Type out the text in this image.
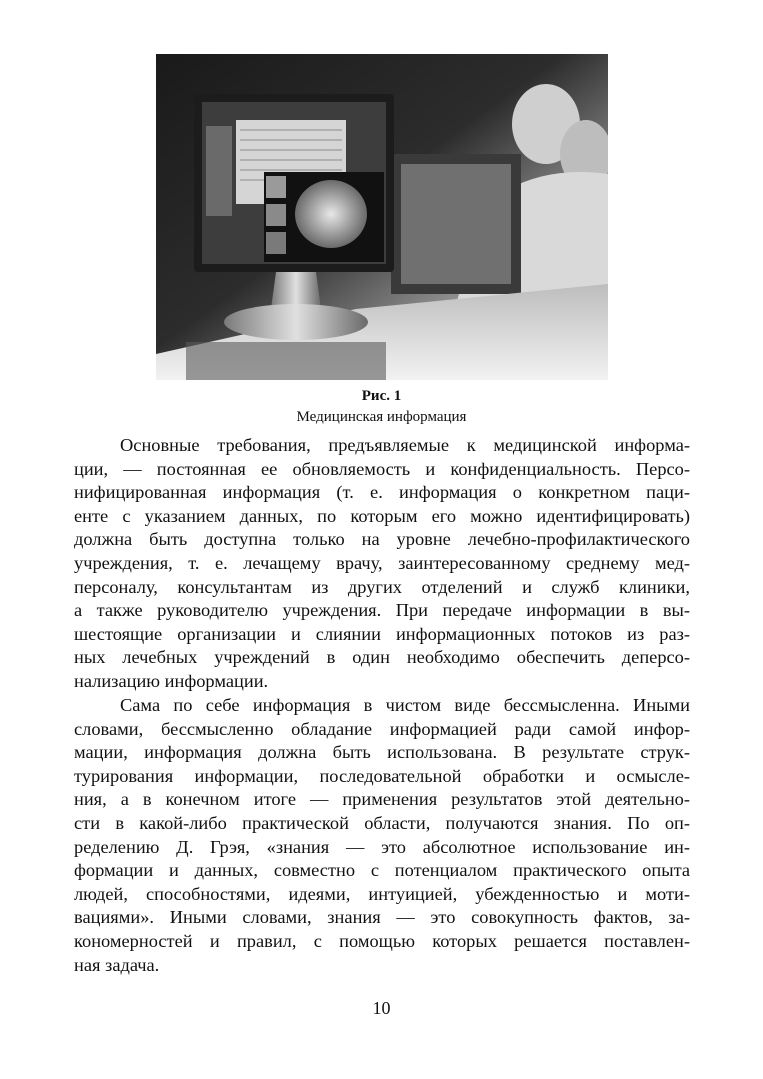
Рис. 1
Медицинская информация
Основные требования, предъявляемые к медицинской информа-
ции, — постоянная ее обновляемость и конфиденциальность. Персо-
нифицированная информация (т. е. информация о конкретном паци-
енте с указанием данных, по которым его можно идентифицировать)
должна быть доступна только на уровне лечебно-профилактического
учреждения, т. е. лечащему врачу, заинтересованному среднему мед-
персоналу, консультантам из других отделений и служб клиники,
а также руководителю учреждения. При передаче информации в вы-
шестоящие организации и слиянии информационных потоков из раз-
ных лечебных учреждений в один необходимо обеспечить деперсо-
нализацию информации.
Сама по себе информация в чистом виде бессмысленна. Иными
словами, бессмысленно обладание информацией ради самой инфор-
мации, информация должна быть использована. В результате струк-
турирования информации, последовательной обработки и осмысле-
ния, а в конечном итоге — применения результатов этой деятельно-
сти в какой-либо практической области, получаются знания. По оп-
ределению Д. Грэя, «знания — это абсолютное использование ин-
формации и данных, совместно с потенциалом практического опыта
людей, способностями, идеями, интуицией, убежденностью и моти-
вациями». Иными словами, знания — это совокупность фактов, за-
кономерностей и правил, с помощью которых решается поставлен-
ная задача.
10
